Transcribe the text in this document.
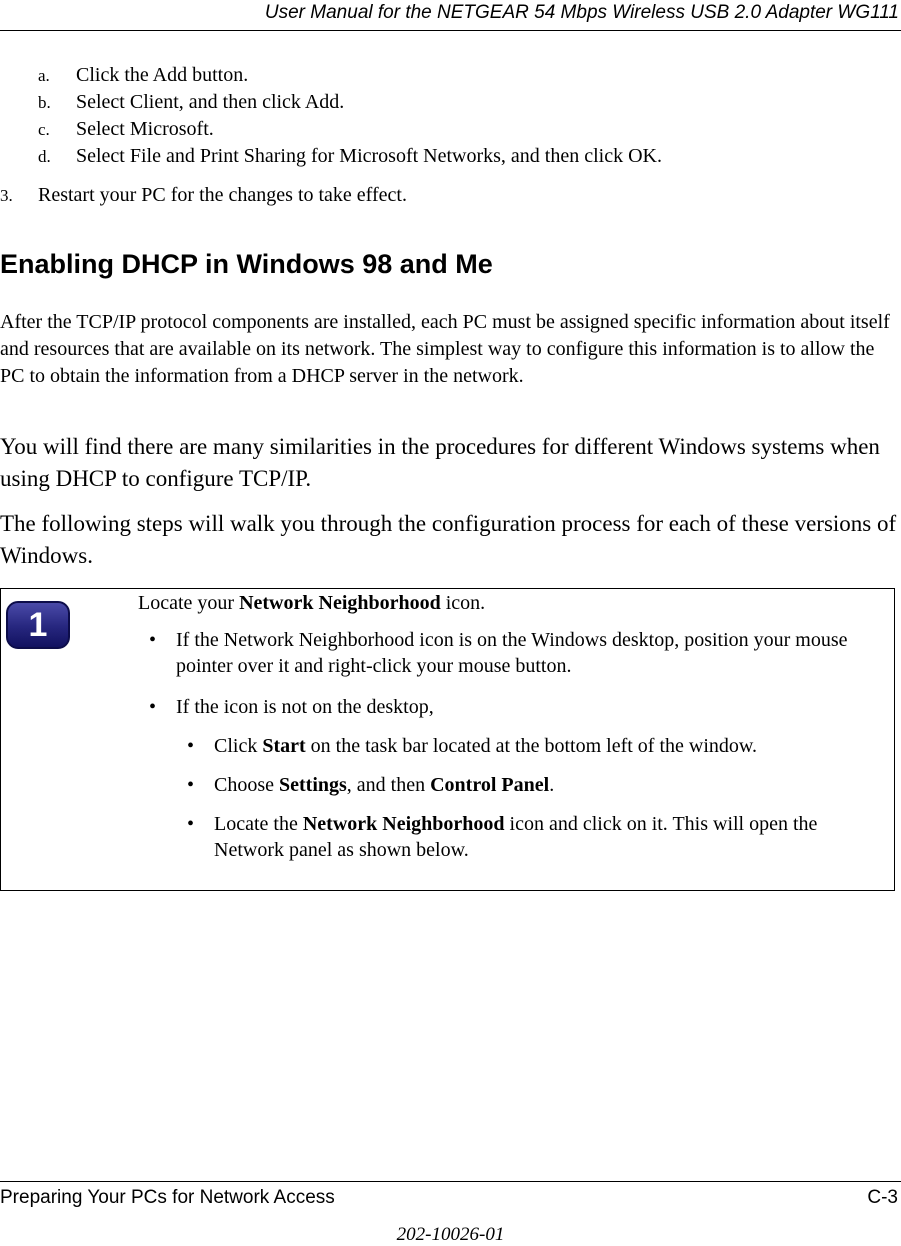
User Manual for the NETGEAR 54 Mbps Wireless USB 2.0 Adapter WG111
a. Click the Add button.
b. Select Client, and then click Add.
c. Select Microsoft.
d. Select File and Print Sharing for Microsoft Networks, and then click OK.
3. Restart your PC for the changes to take effect.
Enabling DHCP in Windows 98 and Me

After the TCP/IP protocol components are installed, each PC must be assigned specific information about itself and resources that are available on its network. The simplest way to configure this information is to allow the PC to obtain the information from a DHCP server in the network.

You will find there are many similarities in the procedures for different Windows systems when using DHCP to configure TCP/IP.

The following steps will walk you through the configuration process for each of these versions of Windows.

1
Locate your Network Neighborhood icon.
• If the Network Neighborhood icon is on the Windows desktop, position your mouse pointer over it and right-click your mouse button.
• If the icon is not on the desktop,
• Click Start on the task bar located at the bottom left of the window.
• Choose Settings, and then Control Panel.
• Locate the Network Neighborhood icon and click on it. This will open the Network panel as shown below.
Preparing Your PCs for Network Access	C-3
202-10026-01
